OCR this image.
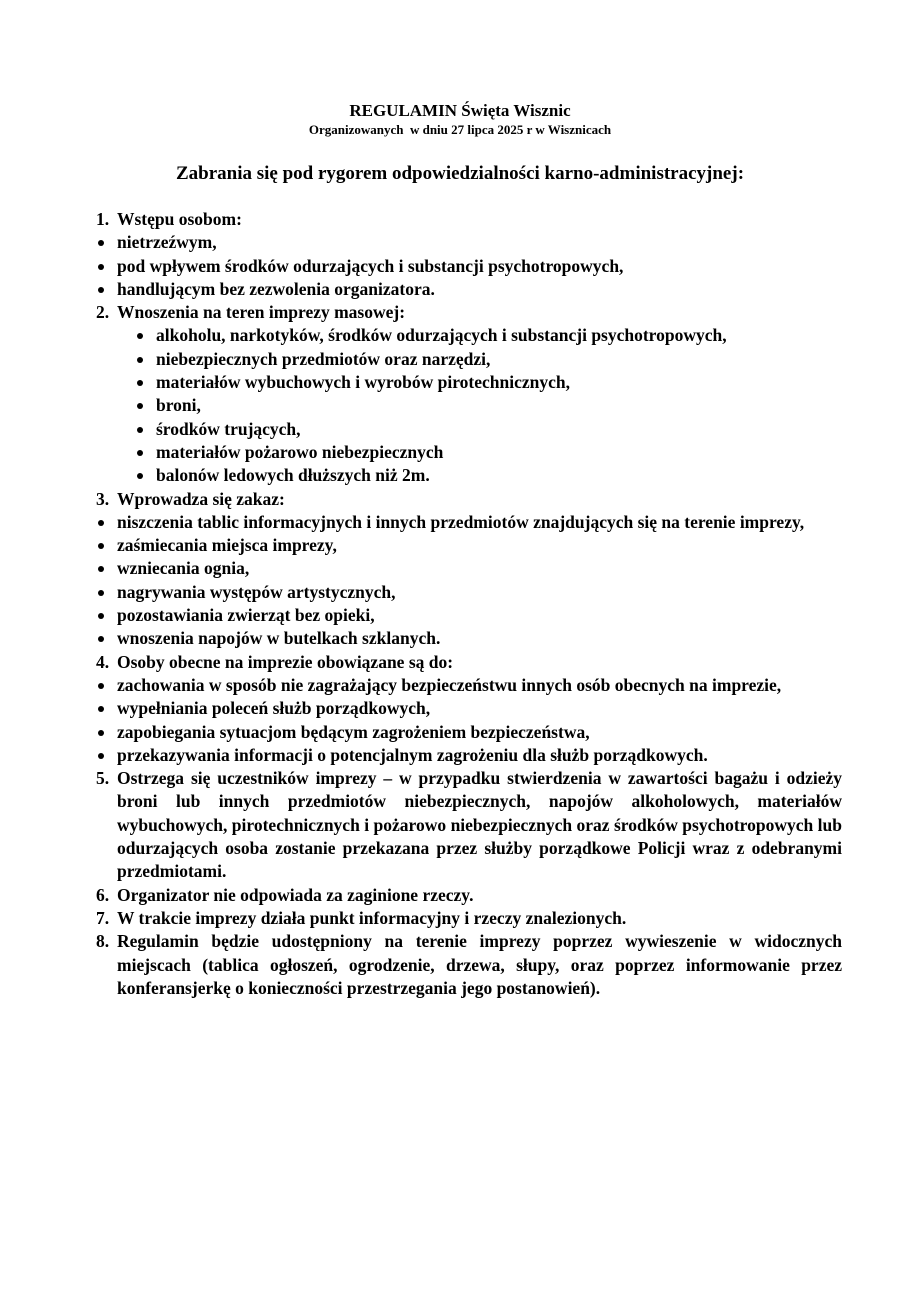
REGULAMIN Święta Wisznic

Organizowanych  w dniu 27 lipca 2025 r w Wisznicach

Zabrania się pod rygorem odpowiedzialności karno-administracyjnej:

1. Wstępu osobom:
nietrzeźwym,
pod wpływem środków odurzających i substancji psychotropowych,
handlującym bez zezwolenia organizatora.
2. Wnoszenia na teren imprezy masowej:
alkoholu, narkotyków, środków odurzających i substancji psychotropowych,
niebezpiecznych przedmiotów oraz narzędzi,
materiałów wybuchowych i wyrobów pirotechnicznych,
broni,
środków trujących,
materiałów pożarowo niebezpiecznych
balonów ledowych dłuższych niż 2m.
3. Wprowadza się zakaz:
niszczenia tablic informacyjnych i innych przedmiotów znajdujących się na terenie imprezy,
zaśmiecania miejsca imprezy,
wzniecania ognia,
nagrywania występów artystycznych,
pozostawiania zwierząt bez opieki,
wnoszenia napojów w butelkach szklanych.
4. Osoby obecne na imprezie obowiązane są do:
zachowania w sposób nie zagrażający bezpieczeństwu innych osób obecnych na imprezie,
wypełniania poleceń służb porządkowych,
zapobiegania sytuacjom będącym zagrożeniem bezpieczeństwa,
przekazywania informacji o potencjalnym zagrożeniu dla służb porządkowych.
5. Ostrzega się uczestników imprezy – w przypadku stwierdzenia w zawartości bagażu i odzieży broni lub innych przedmiotów niebezpiecznych, napojów alkoholowych, materiałów wybuchowych, pirotechnicznych i pożarowo niebezpiecznych oraz środków psychotropowych lub odurzających osoba zostanie przekazana przez służby porządkowe Policji wraz z odebranymi przedmiotami.
6. Organizator nie odpowiada za zaginione rzeczy.
7. W trakcie imprezy działa punkt informacyjny i rzeczy znalezionych.
8. Regulamin będzie udostępniony na terenie imprezy poprzez wywieszenie w widocznych miejscach (tablica ogłoszeń, ogrodzenie, drzewa, słupy, oraz poprzez informowanie przez konferansjerkę o konieczności przestrzegania jego postanowień).
